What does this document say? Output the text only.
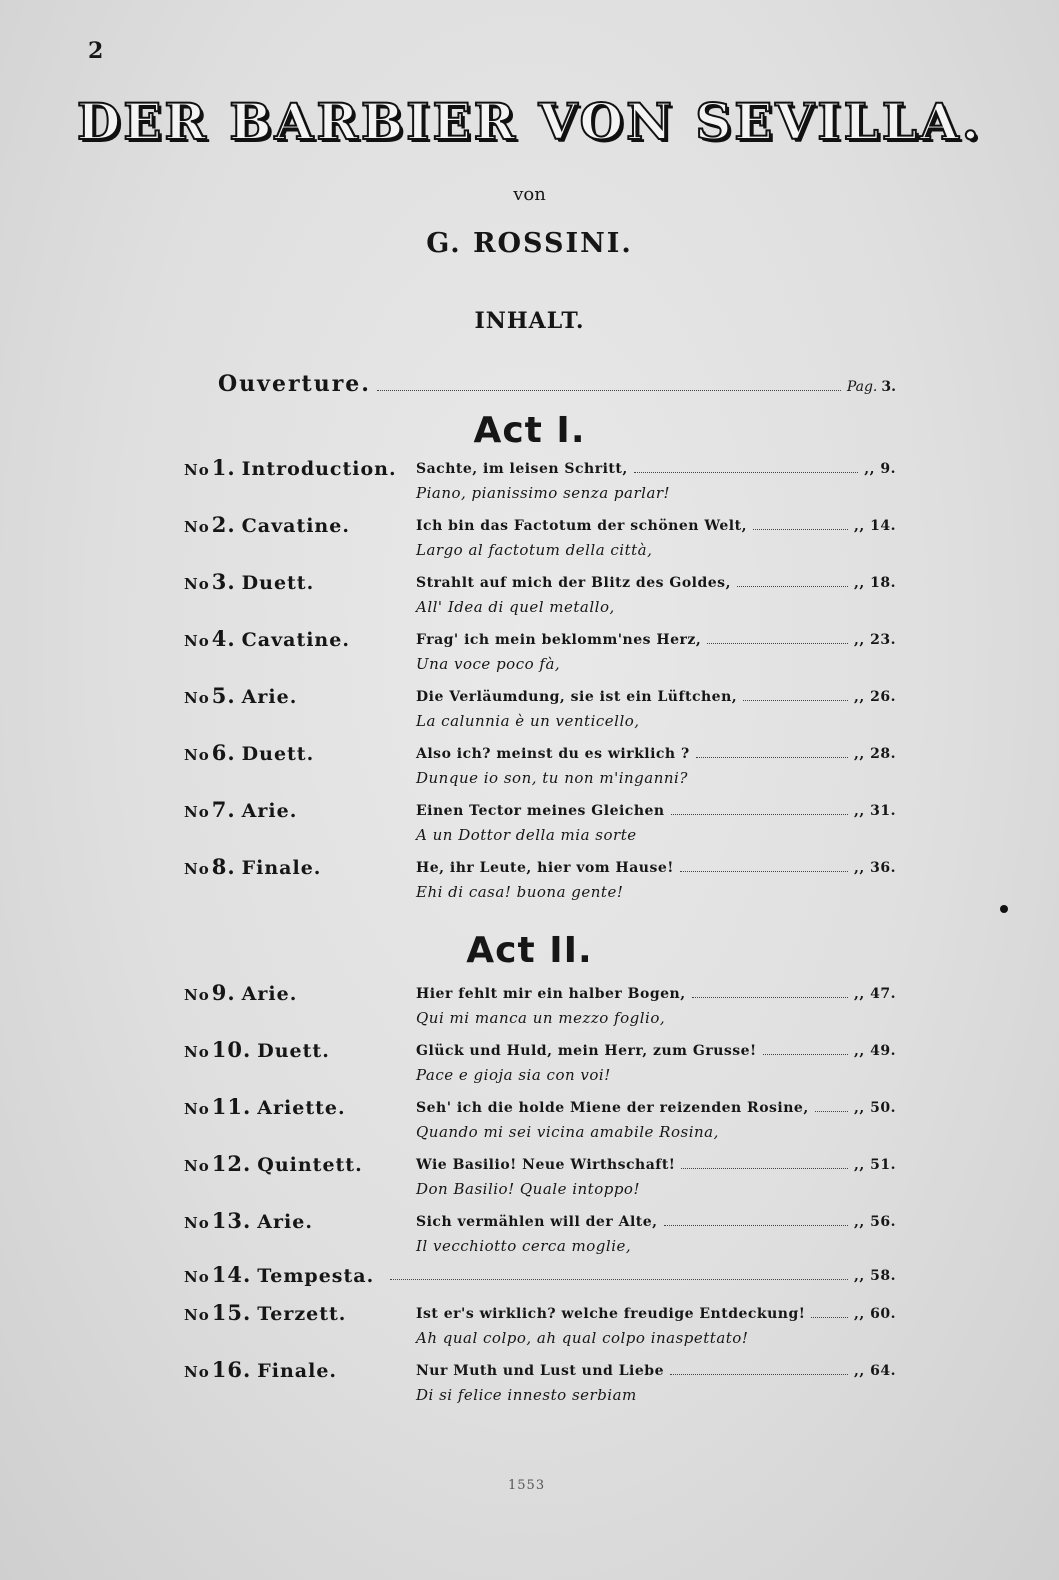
2
DER BARBIER VON SEVILLA.
von
G. ROSSINI.
INHALT.
Ouverture.	Pag. 3.
Act I.
No1. Introduction. Sachte, im leisen Schritt,	,, 9.
Piano, pianissimo senza parlar!
No2. Cavatine.	Ich bin das Factotum der schönen Welt,	,, 14.
Largo al factotum della città,
No3. Duett.	Strahlt auf mich der Blitz des Goldes,	,, 18.
All' Idea di quel metallo,
No4. Cavatine.	Frag' ich mein beklomm'nes Herz,	,, 23.
Una voce poco fà,
No5. Arie.	Die Verläumdung, sie ist ein Lüftchen,	,, 26.
La calunnia è un venticello,
No6. Duett.	Also ich? meinst du es wirklich ?	,, 28.
Dunque io son, tu non m'inganni?
No7. Arie.	Einen Tector meines Gleichen	,, 31.
A un Dottor della mia sorte
No8. Finale.	He, ihr Leute, hier vom Hause!	,, 36.
Ehi di casa! buona gente!
Act II.
No9. Arie.	Hier fehlt mir ein halber Bogen,	,, 47.
Qui mi manca un mezzo foglio,
No10. Duett.	Glück und Huld, mein Herr, zum Grusse!	,, 49.
Pace e gioja sia con voi!
No11. Ariette.	Seh' ich die holde Miene der reizenden Rosine,	,, 50.
Quando mi sei vicina amabile Rosina,
No12. Quintett.	Wie Basilio! Neue Wirthschaft!	,, 51.
Don Basilio! Quale intoppo!
No13. Arie.	Sich vermählen will der Alte,	,, 56.
Il vecchiotto cerca moglie,
No14. Tempesta.	,, 58.
No15. Terzett.	Ist er's wirklich? welche freudige Entdeckung!	,, 60.
Ah qual colpo, ah qual colpo inaspettato!
No16. Finale.	Nur Muth und Lust und Liebe	,, 64.
Di si felice innesto serbiam
1553
